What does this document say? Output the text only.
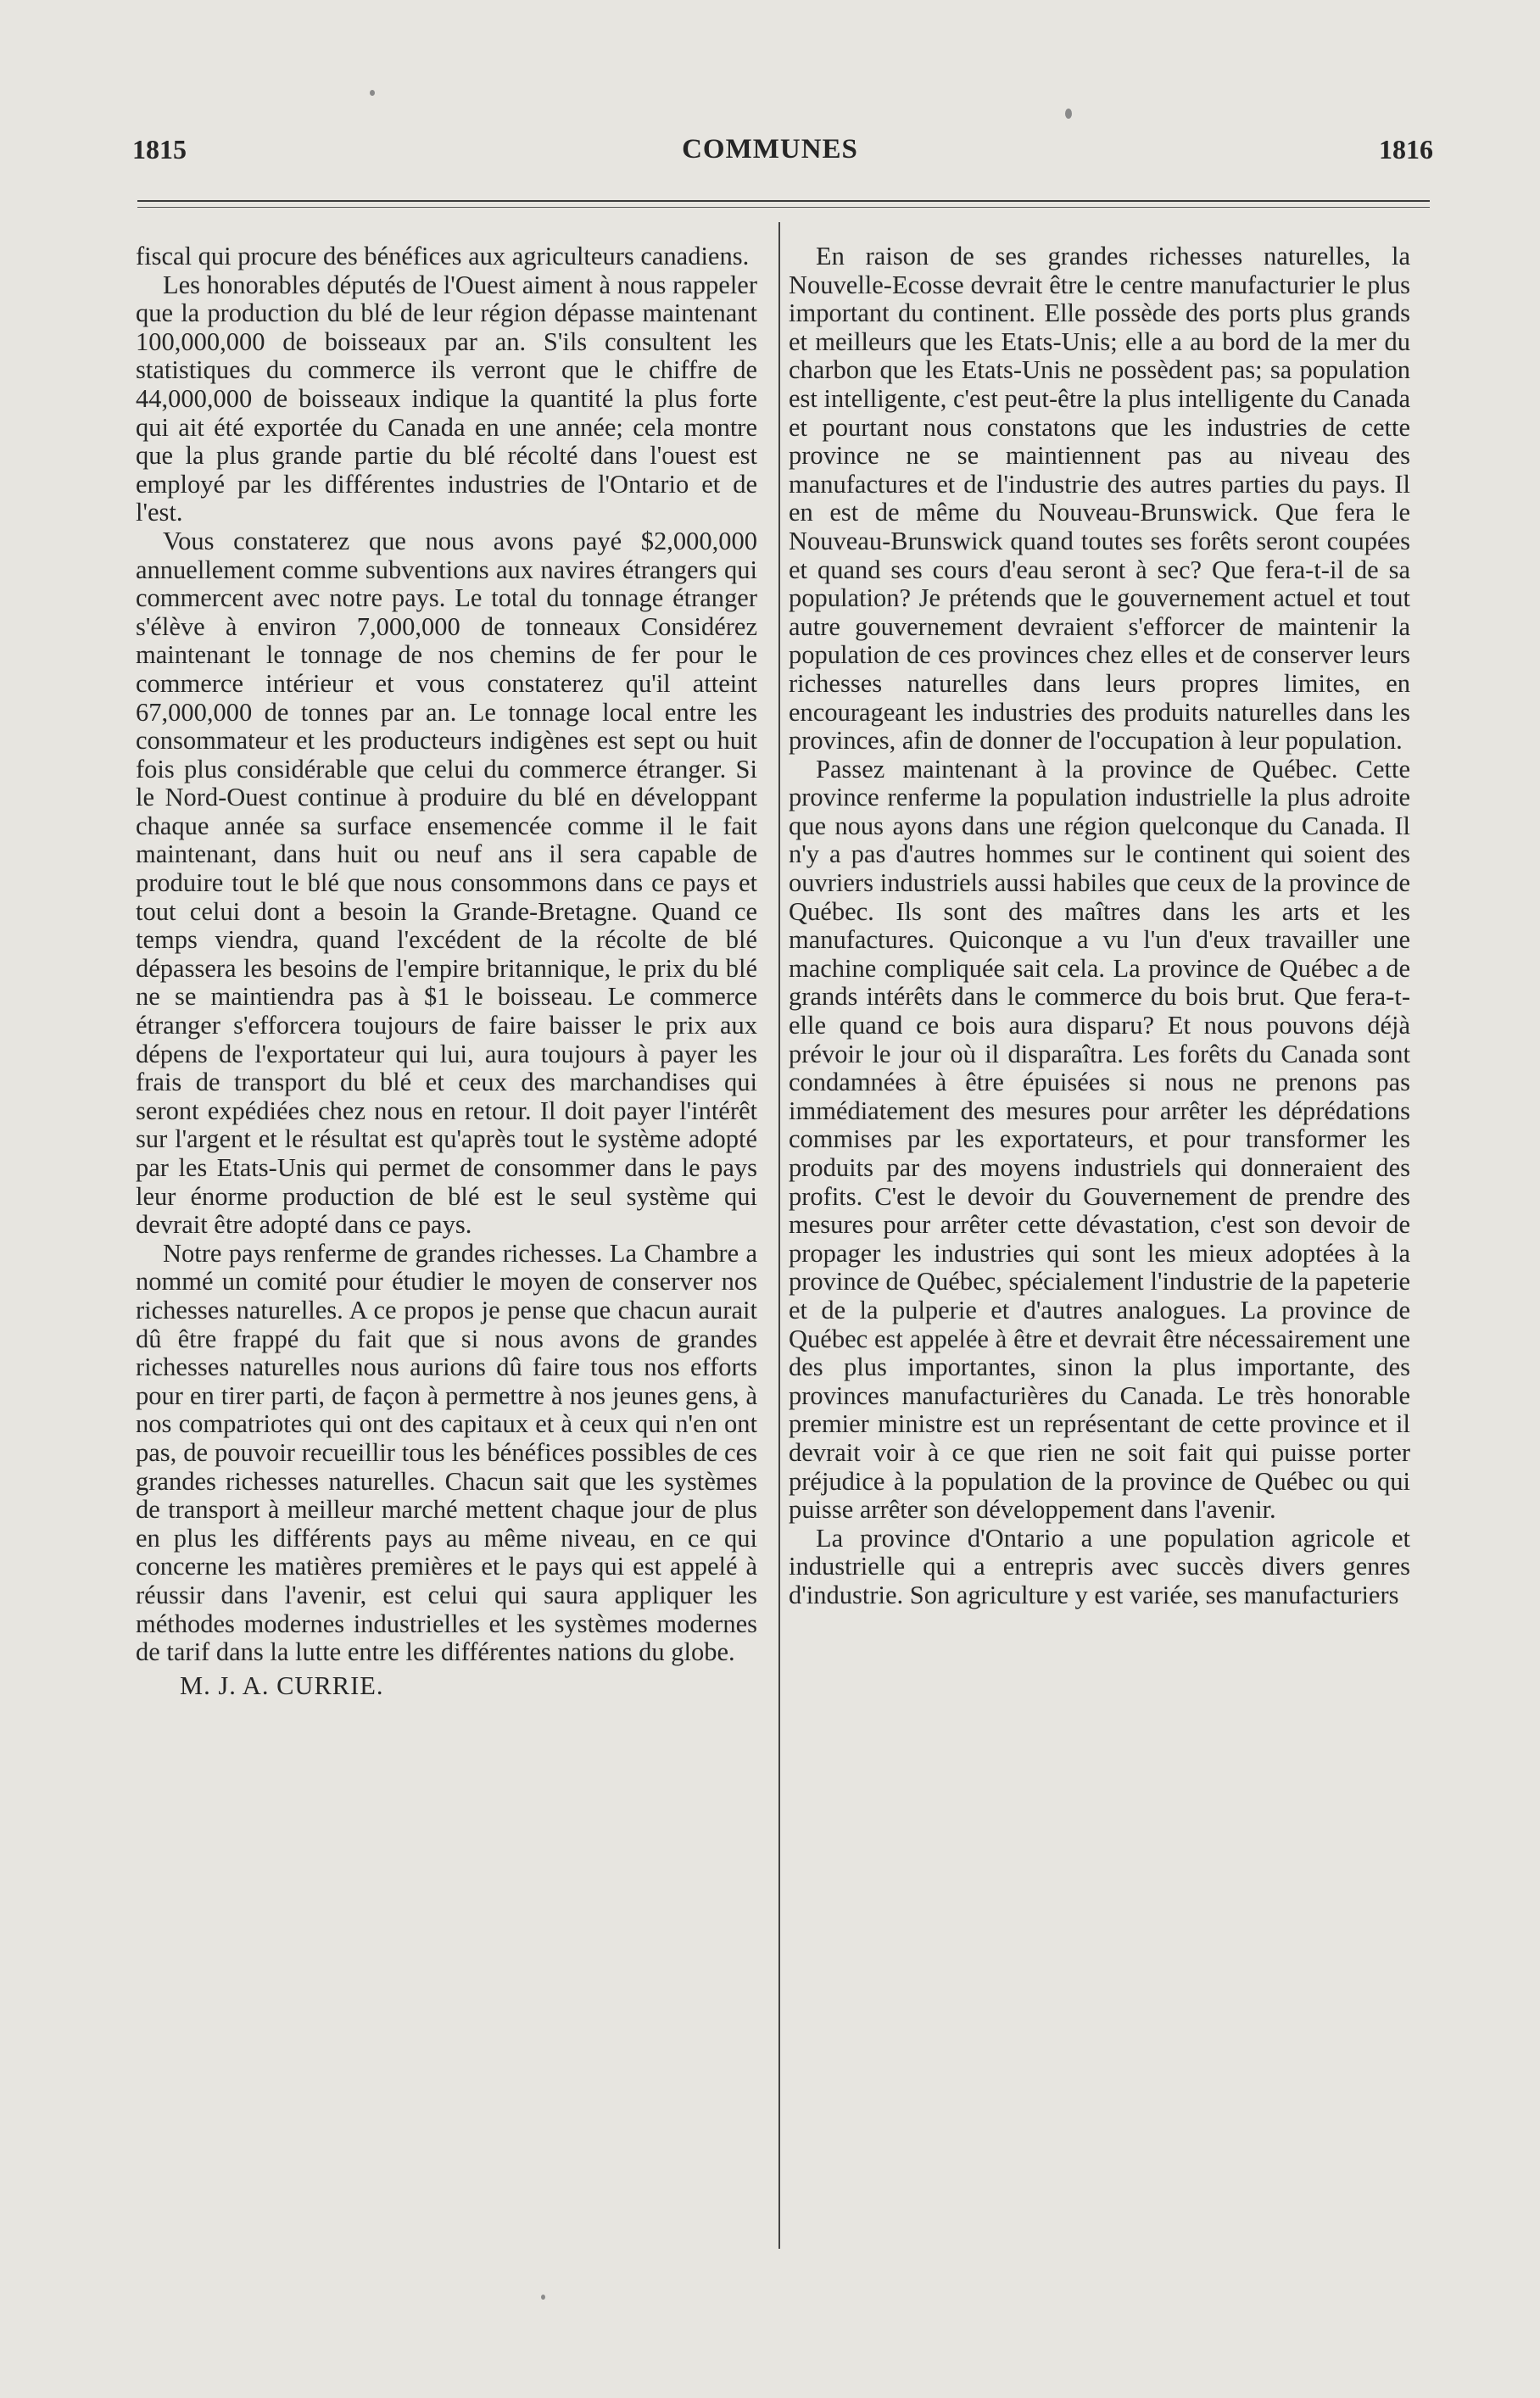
1815	COMMUNES	1816

fiscal qui procure des bénéfices aux agriculteurs canadiens.

Les honorables députés de l'Ouest aiment à nous rappeler que la production du blé de leur région dépasse maintenant 100,000,000 de boisseaux par an. S'ils consultent les statistiques du commerce ils verront que le chiffre de 44,000,000 de boisseaux indique la quantité la plus forte qui ait été exportée du Canada en une année; cela montre que la plus grande partie du blé récolté dans l'ouest est employé par les différentes industries de l'Ontario et de l'est.

Vous constaterez que nous avons payé $2,000,000 annuellement comme subventions aux navires étrangers qui commercent avec notre pays. Le total du tonnage étranger s'élève à environ 7,000,000 de tonneaux Considérez maintenant le tonnage de nos chemins de fer pour le commerce intérieur et vous constaterez qu'il atteint 67,000,000 de tonnes par an. Le tonnage local entre les consommateur et les producteurs indigènes est sept ou huit fois plus considérable que celui du commerce étranger. Si le Nord-Ouest continue à produire du blé en développant chaque année sa surface ensemencée comme il le fait maintenant, dans huit ou neuf ans il sera capable de produire tout le blé que nous consommons dans ce pays et tout celui dont a besoin la Grande-Bretagne. Quand ce temps viendra, quand l'excédent de la récolte de blé dépassera les besoins de l'empire britannique, le prix du blé ne se maintiendra pas à $1 le boisseau. Le commerce étranger s'efforcera toujours de faire baisser le prix aux dépens de l'exportateur qui lui, aura toujours à payer les frais de transport du blé et ceux des marchandises qui seront expédiées chez nous en retour. Il doit payer l'intérêt sur l'argent et le résultat est qu'après tout le système adopté par les Etats-Unis qui permet de consommer dans le pays leur énorme production de blé est le seul système qui devrait être adopté dans ce pays.

Notre pays renferme de grandes richesses. La Chambre a nommé un comité pour étudier le moyen de conserver nos richesses naturelles. A ce propos je pense que chacun aurait dû être frappé du fait que si nous avons de grandes richesses naturelles nous aurions dû faire tous nos efforts pour en tirer parti, de façon à permettre à nos jeunes gens, à nos compatriotes qui ont des capitaux et à ceux qui n'en ont pas, de pouvoir recueillir tous les bénéfices possibles de ces grandes richesses naturelles. Chacun sait que les systèmes de transport à meilleur marché mettent chaque jour de plus en plus les différents pays au même niveau, en ce qui concerne les matières premières et le pays qui est appelé à réussir dans l'avenir, est celui qui saura appliquer les méthodes modernes industrielles et les systèmes modernes de tarif dans la lutte entre les différentes nations du globe.

M. J. A. CURRIE.

En raison de ses grandes richesses naturelles, la Nouvelle-Ecosse devrait être le centre manufacturier le plus important du continent. Elle possède des ports plus grands et meilleurs que les Etats-Unis; elle a au bord de la mer du charbon que les Etats-Unis ne possèdent pas; sa population est intelligente, c'est peut-être la plus intelligente du Canada et pourtant nous constatons que les industries de cette province ne se maintiennent pas au niveau des manufactures et de l'industrie des autres parties du pays. Il en est de même du Nouveau-Brunswick. Que fera le Nouveau-Brunswick quand toutes ses forêts seront coupées et quand ses cours d'eau seront à sec? Que fera-t-il de sa population? Je prétends que le gouvernement actuel et tout autre gouvernement devraient s'efforcer de maintenir la population de ces provinces chez elles et de conserver leurs richesses naturelles dans leurs propres limites, en encourageant les industries des produits naturelles dans les provinces, afin de donner de l'occupation à leur population.

Passez maintenant à la province de Québec. Cette province renferme la population industrielle la plus adroite que nous ayons dans une région quelconque du Canada. Il n'y a pas d'autres hommes sur le continent qui soient des ouvriers industriels aussi habiles que ceux de la province de Québec. Ils sont des maîtres dans les arts et les manufactures. Quiconque a vu l'un d'eux travailler une machine compliquée sait cela. La province de Québec a de grands intérêts dans le commerce du bois brut. Que fera-t-elle quand ce bois aura disparu? Et nous pouvons déjà prévoir le jour où il disparaîtra. Les forêts du Canada sont condamnées à être épuisées si nous ne prenons pas immédiatement des mesures pour arrêter les déprédations commises par les exportateurs, et pour transformer les produits par des moyens industriels qui donneraient des profits. C'est le devoir du Gouvernement de prendre des mesures pour arrêter cette dévastation, c'est son devoir de propager les industries qui sont les mieux adoptées à la province de Québec, spécialement l'industrie de la papeterie et de la pulperie et d'autres analogues. La province de Québec est appelée à être et devrait être nécessairement une des plus importantes, sinon la plus importante, des provinces manufacturières du Canada. Le très honorable premier ministre est un représentant de cette province et il devrait voir à ce que rien ne soit fait qui puisse porter préjudice à la population de la province de Québec ou qui puisse arrêter son développement dans l'avenir.

La province d'Ontario a une population agricole et industrielle qui a entrepris avec succès divers genres d'industrie. Son agriculture y est variée, ses manufacturiers
